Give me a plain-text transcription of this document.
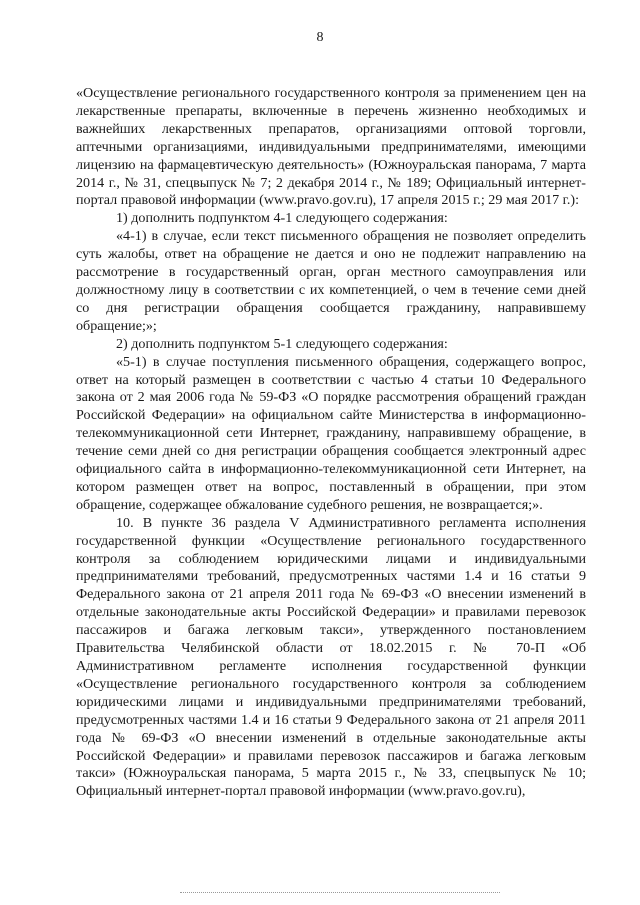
8

«Осуществление регионального государственного контроля за применением цен на лекарственные препараты, включенные в перечень жизненно необходимых и важнейших лекарственных препаратов, организациями оптовой торговли, аптечными организациями, индивидуальными предпринимателями, имеющими лицензию на фармацевтическую деятельность» (Южноуральская панорама, 7 марта 2014 г., № 31, спецвыпуск № 7; 2 декабря 2014 г., № 189; Официальный интернет-портал правовой информации (www.pravo.gov.ru), 17 апреля 2015 г.; 29 мая 2017 г.):

1) дополнить подпунктом 4-1 следующего содержания:

«4-1) в случае, если текст письменного обращения не позволяет определить суть жалобы, ответ на обращение не дается и оно не подлежит направлению на рассмотрение в государственный орган, орган местного самоуправления или должностному лицу в соответствии с их компетенцией, о чем в течение семи дней со дня регистрации обращения сообщается гражданину, направившему обращение;»;

2) дополнить подпунктом 5-1 следующего содержания:

«5-1) в случае поступления письменного обращения, содержащего вопрос, ответ на который размещен в соответствии с частью 4 статьи 10 Федерального закона от 2 мая 2006 года № 59-ФЗ «О порядке рассмотрения обращений граждан Российской Федерации» на официальном сайте Министерства в информационно-телекоммуникационной сети Интернет, гражданину, направившему обращение, в течение семи дней со дня регистрации обращения сообщается электронный адрес официального сайта в информационно-телекоммуникационной сети Интернет, на котором размещен ответ на вопрос, поставленный в обращении, при этом обращение, содержащее обжалование судебного решения, не возвращается;».

10. В пункте 36 раздела V Административного регламента исполнения государственной функции «Осуществление регионального государственного контроля за соблюдением юридическими лицами и индивидуальными предпринимателями требований, предусмотренных частями 1.4 и 16 статьи 9 Федерального закона от 21 апреля 2011 года № 69-ФЗ «О внесении изменений в отдельные законодательные акты Российской Федерации» и правилами перевозок пассажиров и багажа легковым такси», утвержденного постановлением Правительства Челябинской области от 18.02.2015 г. № 70-П «Об Административном регламенте исполнения государственной функции «Осуществление регионального государственного контроля за соблюдением юридическими лицами и индивидуальными предпринимателями требований, предусмотренных частями 1.4 и 16 статьи 9 Федерального закона от 21 апреля 2011 года № 69-ФЗ «О внесении изменений в отдельные законодательные акты Российской Федерации» и правилами перевозок пассажиров и багажа легковым такси» (Южноуральская панорама, 5 марта 2015 г., № 33, спецвыпуск № 10; Официальный интернет-портал правовой информации (www.pravo.gov.ru),
